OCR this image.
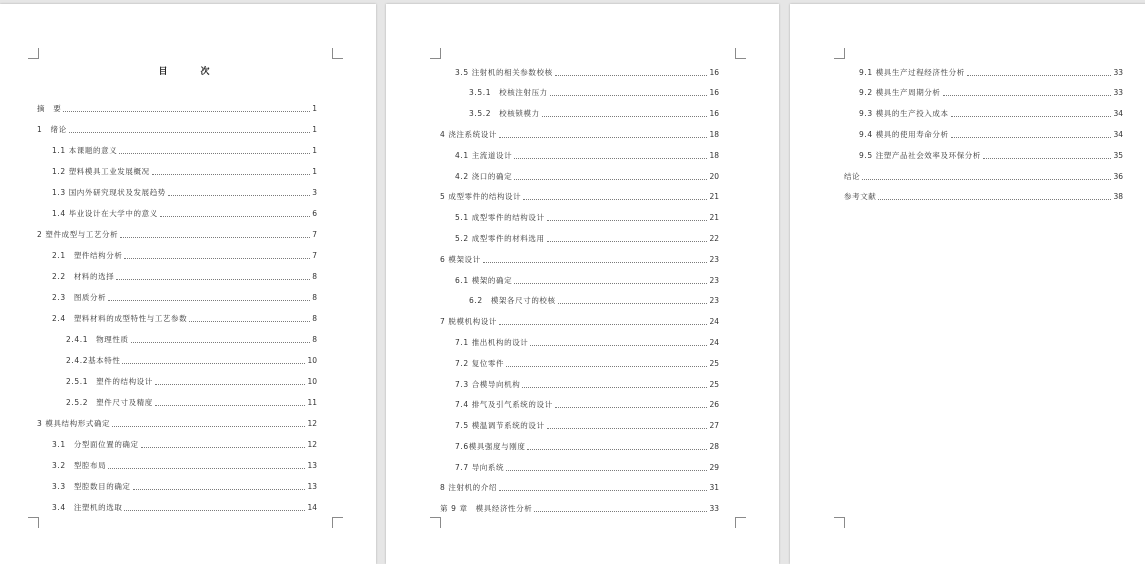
目　次
摘　要	1
1　绪论	1
1.1 本课题的意义	1
1.2 塑料模具工业发展概况	1
1.3 国内外研究现状及发展趋势	3
1.4 毕业设计在大学中的意义	6
2 塑件成型与工艺分析	7
2.1　塑件结构分析	7
2.2　材料的选择	8
2.3　图质分析	8
2.4　塑料材料的成型特性与工艺参数	8
2.4.1　物理性质	8
2.4.2基本特性	10
2.5.1　塑件的结构设计	10
2.5.2　塑件尺寸及精度	11
3 模具结构形式确定	12
3.1　分型面位置的确定	12
3.2　型腔布局	13
3.3　型腔数目的确定	13
3.4　注塑机的选取	14
3.5 注射机的相关参数校核	16
3.5.1　校核注射压力	16
3.5.2　校核锁模力	16
4 浇注系统设计	18
4.1 主流道设计	18
4.2 浇口的确定	20
5 成型零件的结构设计	21
5.1 成型零件的结构设计	21
5.2 成型零件的材料选用	22
6 模架设计	23
6.1 模架的确定	23
6.2　模架各尺寸的校核	23
7 脱模机构设计	24
7.1 推出机构的设计	24
7.2 复位零件	25
7.3 合模导向机构	25
7.4 排气及引气系统的设计	26
7.5 模温调节系统的设计	27
7.6模具强度与刚度	28
7.7 导向系统	29
8 注射机的介绍	31
第 9 章　模具经济性分析	33
9.1 模具生产过程经济性分析	33
9.2 模具生产周期分析	33
9.3 模具的生产投入成本	34
9.4 模具的使用寿命分析	34
9.5 注塑产品社会效率及环保分析	35
结论	36
参考文献	38
